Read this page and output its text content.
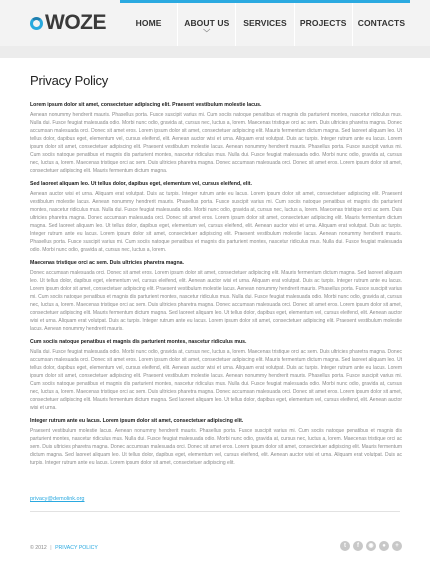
WOZE	HOME	ABOUT US
﹀
SERVICES	PROJECTS	CONTACTS
Privacy Policy

Lorem ipsum dolor sit amet, consectetuer adipiscing elit. Praesent vestibulum molestie lacus.

Aenean nonummy hendrerit mauris. Phasellus porta. Fusce suscipit varius mi. Cum sociis natoque penatibus et magnis dis parturient montes, nascetur ridiculus mus. Nulla dui. Fusce feugiat malesuada odio. Morbi nunc odio, gravida at, cursus nec, luctus a, lorem. Maecenas tristique orci ac sem. Duis ultricies pharetra magna. Donec accumsan malesuada orci. Donec sit amet eros. Lorem ipsum dolor sit amet, consectetuer adipiscing elit. Mauris fermentum dictum magna. Sed laoreet aliquam leo. Ut tellus dolor, dapibus eget, elementum vel, cursus eleifend, elit. Aenean auctor wisi et urna. Aliquam erat volutpat. Duis ac turpis. Integer rutrum ante eu lacus. Lorem ipsum dolor sit amet, consectetuer adipiscing elit. Praesent vestibulum molestie lacus. Aenean nonummy hendrerit mauris. Phasellus porta. Fusce suscipit varius mi. Cum sociis natoque penatibus et magnis dis parturient montes, nascetur ridiculus mus. Nulla dui. Fusce feugiat malesuada odio. Morbi nunc odio, gravida at, cursus nec, luctus a, lorem. Maecenas tristique orci ac sem. Duis ultricies pharetra magna. Donec accumsan malesuada orci. Donec sit amet eros. Lorem ipsum dolor sit amet, consectetuer adipiscing elit. Mauris fermentum dictum magna.

Sed laoreet aliquam leo. Ut tellus dolor, dapibus eget, elementum vel, cursus eleifend, elit.

Aenean auctor wisi et urna. Aliquam erat volutpat. Duis ac turpis. Integer rutrum ante eu lacus. Lorem ipsum dolor sit amet, consectetuer adipiscing elit. Praesent vestibulum molestie lacus. Aenean nonummy hendrerit mauris. Phasellus porta. Fusce suscipit varius mi. Cum sociis natoque penatibus et magnis dis parturient montes, nascetur ridiculus mus. Nulla dui. Fusce feugiat malesuada odio. Morbi nunc odio, gravida at, cursus nec, luctus a, lorem. Maecenas tristique orci ac sem. Duis ultricies pharetra magna. Donec accumsan malesuada orci. Donec sit amet eros. Lorem ipsum dolor sit amet, consectetuer adipiscing elit. Mauris fermentum dictum magna. Sed laoreet aliquam leo. Ut tellus dolor, dapibus eget, elementum vel, cursus eleifend, elit. Aenean auctor wisi et urna. Aliquam erat volutpat. Duis ac turpis. Integer rutrum ante eu lacus. Lorem ipsum dolor sit amet, consectetuer adipiscing elit. Praesent vestibulum molestie lacus. Aenean nonummy hendrerit mauris. Phasellus porta. Fusce suscipit varius mi. Cum sociis natoque penatibus et magnis dis parturient montes, nascetur ridiculus mus. Nulla dui. Fusce feugiat malesuada odio. Morbi nunc odio, gravida at, cursus nec, luctus a, lorem.

Maecenas tristique orci ac sem. Duis ultricies pharetra magna.

Donec accumsan malesuada orci. Donec sit amet eros. Lorem ipsum dolor sit amet, consectetuer adipiscing elit. Mauris fermentum dictum magna. Sed laoreet aliquam leo. Ut tellus dolor, dapibus eget, elementum vel, cursus eleifend, elit. Aenean auctor wisi et urna. Aliquam erat volutpat. Duis ac turpis. Integer rutrum ante eu lacus. Lorem ipsum dolor sit amet, consectetuer adipiscing elit. Praesent vestibulum molestie lacus. Aenean nonummy hendrerit mauris. Phasellus porta. Fusce suscipit varius mi. Cum sociis natoque penatibus et magnis dis parturient montes, nascetur ridiculus mus. Nulla dui. Fusce feugiat malesuada odio. Morbi nunc odio, gravida at, cursus nec, luctus a, lorem. Maecenas tristique orci ac sem. Duis ultricies pharetra magna. Donec accumsan malesuada orci. Donec sit amet eros. Lorem ipsum dolor sit amet, consectetuer adipiscing elit. Mauris fermentum dictum magna. Sed laoreet aliquam leo. Ut tellus dolor, dapibus eget, elementum vel, cursus eleifend, elit. Aenean auctor wisi et urna. Aliquam erat volutpat. Duis ac turpis. Integer rutrum ante eu lacus. Lorem ipsum dolor sit amet, consectetuer adipiscing elit. Praesent vestibulum molestie lacus. Aenean nonummy hendrerit mauris.

Cum sociis natoque penatibus et magnis dis parturient montes, nascetur ridiculus mus.

Nulla dui. Fusce feugiat malesuada odio. Morbi nunc odio, gravida at, cursus nec, luctus a, lorem. Maecenas tristique orci ac sem. Duis ultricies pharetra magna. Donec accumsan malesuada orci. Donec sit amet eros. Lorem ipsum dolor sit amet, consectetuer adipiscing elit. Mauris fermentum dictum magna. Sed laoreet aliquam leo. Ut tellus dolor, dapibus eget, elementum vel, cursus eleifend, elit. Aenean auctor wisi et urna. Aliquam erat volutpat. Duis ac turpis. Integer rutrum ante eu lacus. Lorem ipsum dolor sit amet, consectetuer adipiscing elit. Praesent vestibulum molestie lacus. Aenean nonummy hendrerit mauris. Phasellus porta. Fusce suscipit varius mi. Cum sociis natoque penatibus et magnis dis parturient montes, nascetur ridiculus mus. Nulla dui. Fusce feugiat malesuada odio. Morbi nunc odio, gravida at, cursus nec, luctus a, lorem. Maecenas tristique orci ac sem. Duis ultricies pharetra magna. Donec accumsan malesuada orci. Donec sit amet eros. Lorem ipsum dolor sit amet, consectetuer adipiscing elit. Mauris fermentum dictum magna. Sed laoreet aliquam leo. Ut tellus dolor, dapibus eget, elementum vel, cursus eleifend, elit. Aenean auctor wisi et urna.

Integer rutrum ante eu lacus. Lorem ipsum dolor sit amet, consectetuer adipiscing elit.

Praesent vestibulum molestie lacus. Aenean nonummy hendrerit mauris. Phasellus porta. Fusce suscipit varius mi. Cum sociis natoque penatibus et magnis dis parturient montes, nascetur ridiculus mus. Nulla dui. Fusce feugiat malesuada odio. Morbi nunc odio, gravida at, cursus nec, luctus a, lorem. Maecenas tristique orci ac sem. Duis ultricies pharetra magna. Donec accumsan malesuada orci. Donec sit amet eros. Lorem ipsum dolor sit amet, consectetuer adipiscing elit. Mauris fermentum dictum magna. Sed laoreet aliquam leo. Ut tellus dolor, dapibus eget, elementum vel, cursus eleifend, elit. Aenean auctor wisi et urna. Aliquam erat volutpat. Duis ac turpis. Integer rutrum ante eu lacus. Lorem ipsum dolor sit amet, consectetuer adipiscing elit.

privacy@demolink.org
© 2012 | PRIVACY POLICY	t	f	◉	●	+
